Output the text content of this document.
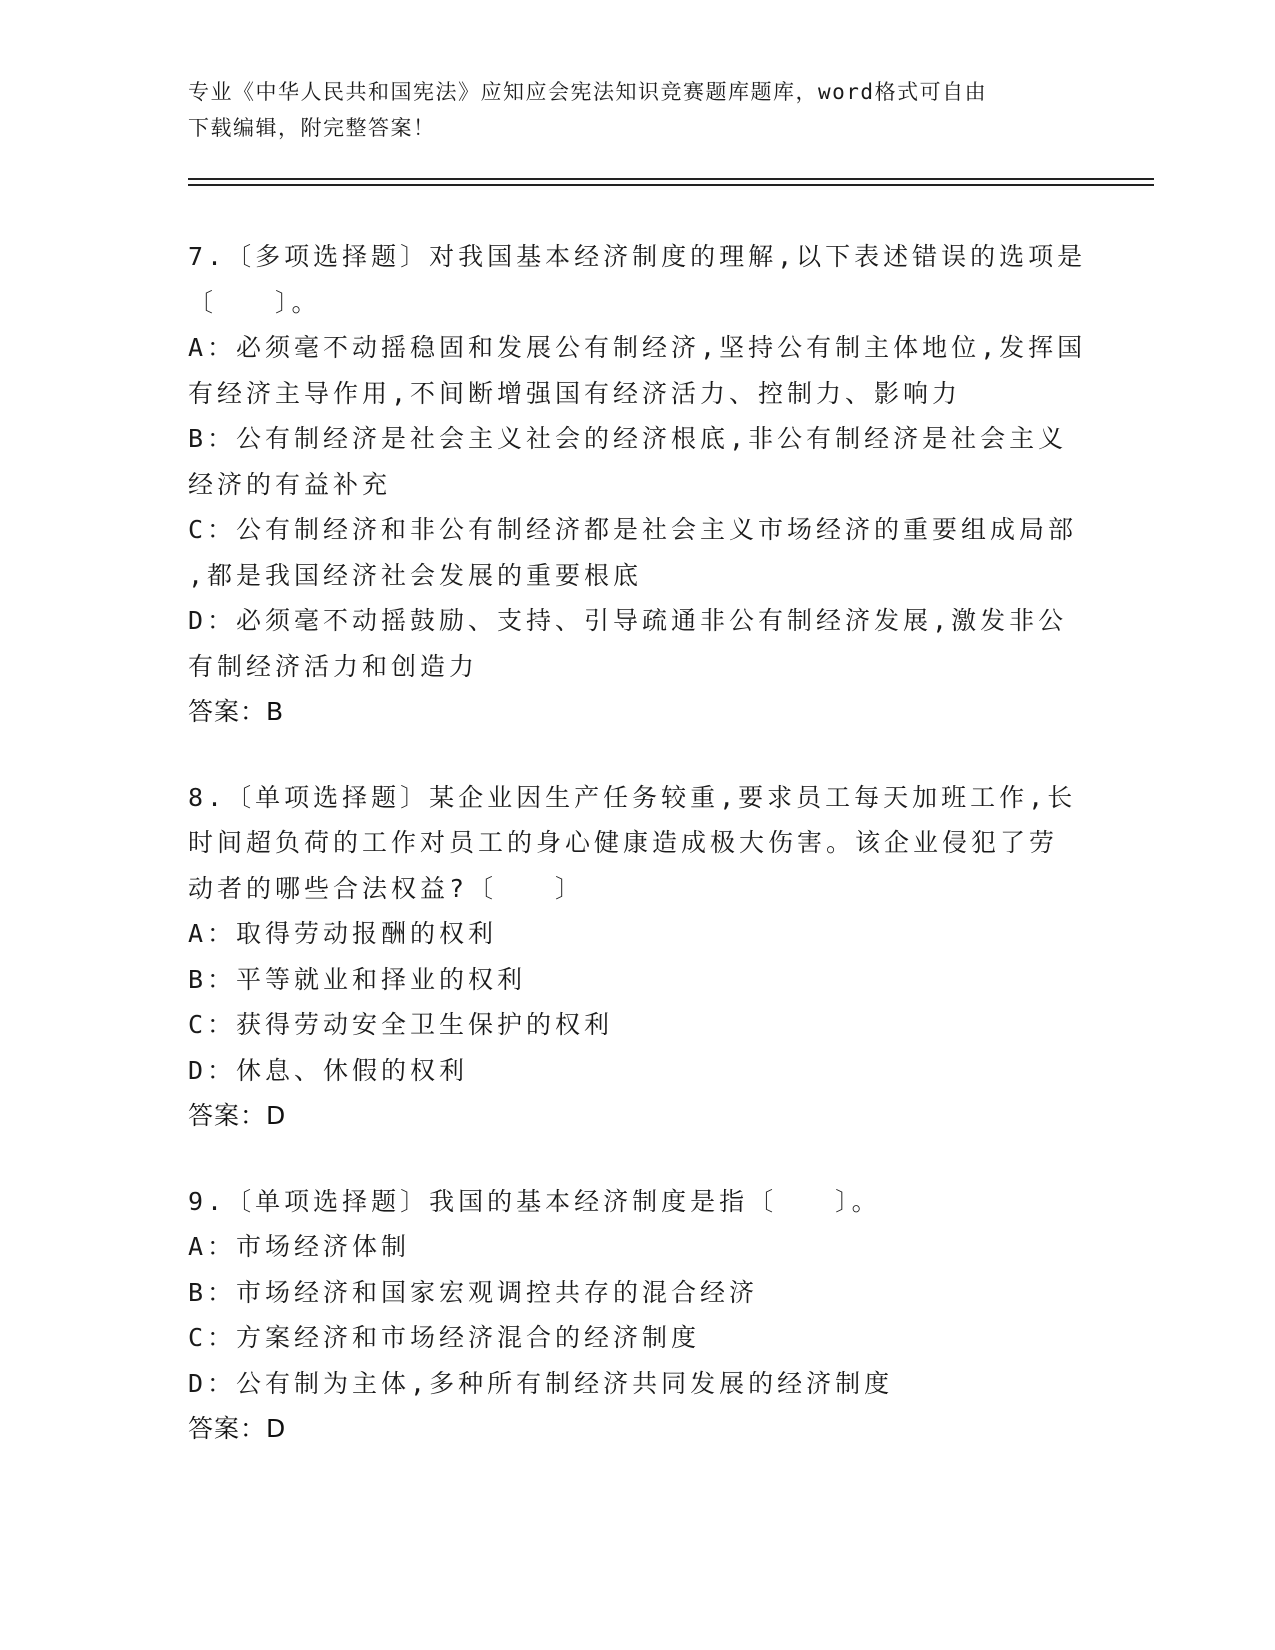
专业《中华人民共和国宪法》应知应会宪法知识竞赛题库题库，word格式可自由
下载编辑，附完整答案！
7.〔多项选择题〕对我国基本经济制度的理解,以下表述错误的选项是
〔　　〕。
A：必须毫不动摇稳固和发展公有制经济,坚持公有制主体地位,发挥国
有经济主导作用,不间断增强国有经济活力、控制力、影响力
B：公有制经济是社会主义社会的经济根底,非公有制经济是社会主义
经济的有益补充
C：公有制经济和非公有制经济都是社会主义市场经济的重要组成局部
,都是我国经济社会发展的重要根底
D：必须毫不动摇鼓励、支持、引导疏通非公有制经济发展,激发非公
有制经济活力和创造力
答案：B
8.〔单项选择题〕某企业因生产任务较重,要求员工每天加班工作,长
时间超负荷的工作对员工的身心健康造成极大伤害。该企业侵犯了劳
动者的哪些合法权益?〔　　〕
A：取得劳动报酬的权利
B：平等就业和择业的权利
C：获得劳动安全卫生保护的权利
D：休息、休假的权利
答案：D
9.〔单项选择题〕我国的基本经济制度是指〔　　〕。
A：市场经济体制
B：市场经济和国家宏观调控共存的混合经济
C：方案经济和市场经济混合的经济制度
D：公有制为主体,多种所有制经济共同发展的经济制度
答案：D
